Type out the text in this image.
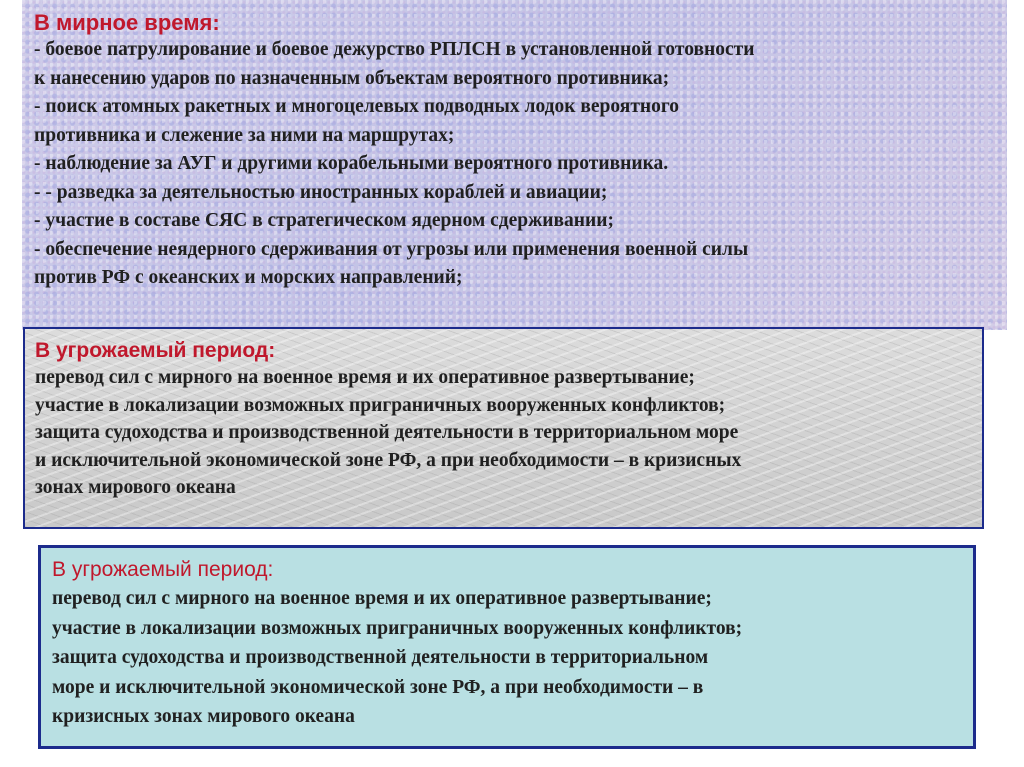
В мирное время:

- боевое патрулирование и боевое дежурство РПЛСН в установленной готовности
к нанесению ударов по назначенным объектам вероятного противника;
- поиск атомных ракетных и многоцелевых подводных лодок вероятного
противника и слежение за ними на маршрутах;
- наблюдение за АУГ и другими корабельными вероятного противника.
- - разведка за деятельностью иностранных кораблей и авиации;
- участие в составе СЯС в стратегическом ядерном сдерживании;
- обеспечение неядерного сдерживания от угрозы или применения военной силы
против РФ с океанских и морских направлений;

В угрожаемый период:

перевод сил с мирного на военное время и их оперативное развертывание;
участие в локализации возможных приграничных вооруженных конфликтов;
защита судоходства и производственной деятельности в территориальном море
и исключительной экономической зоне РФ, а при необходимости – в кризисных
зонах мирового океана

В угрожаемый период:

перевод сил с мирного на военное время и их оперативное развертывание;
участие в локализации возможных приграничных вооруженных конфликтов;
защита судоходства и производственной деятельности в территориальном
море и исключительной экономической зоне РФ, а при необходимости – в
кризисных зонах мирового океана
